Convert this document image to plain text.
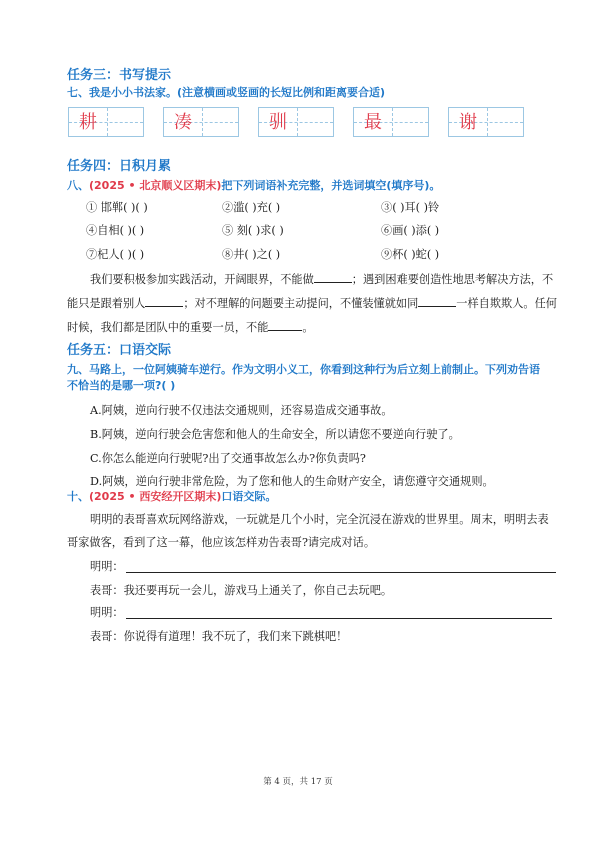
任务三：书写提示
七、我是小小书法家。(注意横画或竖画的长短比例和距离要合适)
耕	凑	驯	最	谢
任务四：日积月累
八、(2025 • 北京顺义区期末)把下列词语补充完整，并选词填空(填序号)。
① 邯郸( )( )	②滥( )充( )	③( )耳( )铃
④自相( )( )	⑤ 刻( )求( )	⑥画( )添( )
⑦杞人( )( )	⑧井( )之( )	⑨杯( )蛇( )
我们要积极参加实践活动，开阔眼界，不能做	；遇到困难要创造性地思考解决方法，不
能只是跟着别人	；对不理解的问题要主动提问，不懂装懂就如同	一样自欺欺人。任何
时候，我们都是团队中的重要一员，不能	。
任务五：口语交际
九、马路上，一位阿姨骑车逆行。作为文明小义工，你看到这种行为后立刻上前制止。下列劝告语
不恰当的是哪一项?( )
A.阿姨，逆向行驶不仅违法交通规则，还容易造成交通事故。
B.阿姨，逆向行驶会危害您和他人的生命安全，所以请您不要逆向行驶了。
C.你怎么能逆向行驶呢?出了交通事故怎么办?你负责吗?
D.阿姨，逆向行驶非常危险，为了您和他人的生命财产安全，请您遵守交通规则。
十、(2025 • 西安经开区期末)口语交际。
明明的表哥喜欢玩网络游戏，一玩就是几个小时，完全沉浸在游戏的世界里。周末，明明去表
哥家做客，看到了这一幕，他应该怎样劝告表哥?请完成对话。
明明：
表哥：我还要再玩一会儿，游戏马上通关了，你自己去玩吧。
明明：
表哥：你说得有道理！我不玩了，我们来下跳棋吧！
第 4 页，共 17 页
